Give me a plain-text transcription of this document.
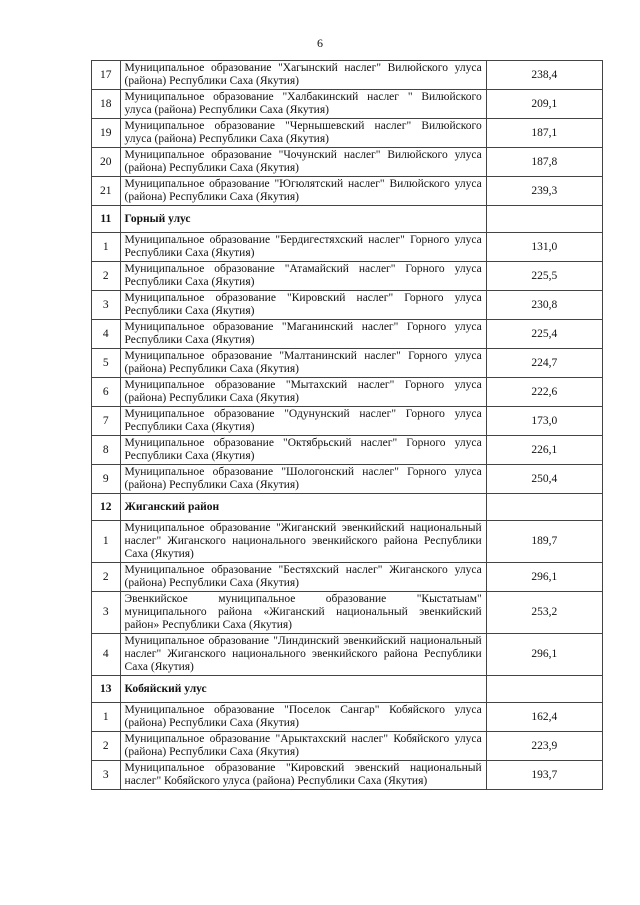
6
17	Муниципальное образование "Хагынский наслег" Вилюйского улуса (района) Республики Саха (Якутия)	238,4
18	Муниципальное образование "Халбакинский наслег " Вилюйского улуса (района) Республики Саха (Якутия)	209,1
19	Муниципальное образование "Чернышевский наслег" Вилюйского улуса (района) Республики Саха (Якутия)	187,1
20	Муниципальное образование "Чочунский наслег" Вилюйского улуса (района) Республики Саха (Якутия)	187,8
21	Муниципальное образование "Югюлятский наслег" Вилюйского улуса (района) Республики Саха (Якутия)	239,3
11	Горный улус	
1	Муниципальное образование "Бердигестяхский наслег" Горного улуса Республики Саха (Якутия)	131,0
2	Муниципальное образование "Атамайский наслег" Горного улуса Республики Саха (Якутия)	225,5
3	Муниципальное образование "Кировский наслег" Горного улуса Республики Саха (Якутия)	230,8
4	Муниципальное образование "Маганинский наслег" Горного улуса Республики Саха (Якутия)	225,4
5	Муниципальное образование "Малтанинский наслег" Горного улуса (района) Республики Саха (Якутия)	224,7
6	Муниципальное образование "Мытахский наслег" Горного улуса (района) Республики Саха (Якутия)	222,6
7	Муниципальное образование "Одунунский наслег" Горного улуса Республики Саха (Якутия)	173,0
8	Муниципальное образование "Октябрьский наслег" Горного улуса Республики Саха (Якутия)	226,1
9	Муниципальное образование "Шологонский наслег" Горного улуса (района) Республики Саха (Якутия)	250,4
12	Жиганский район	
1	Муниципальное образование "Жиганский эвенкийский национальный наслег" Жиганского национального эвенкийского района Республики Саха (Якутия)	189,7
2	Муниципальное образование "Бестяхский наслег" Жиганского улуса (района) Республики Саха (Якутия)	296,1
3	Эвенкийское муниципальное образование "Кыстатыам" муниципального района «Жиганский национальный эвенкийский район» Республики Саха (Якутия)	253,2
4	Муниципальное образование "Линдинский эвенкийский национальный наслег" Жиганского национального эвенкийского района Республики Саха (Якутия)	296,1
13	Кобяйский улус	
1	Муниципальное образование "Поселок Сангар" Кобяйского улуса (района) Республики Саха (Якутия)	162,4
2	Муниципальное образование "Арыктахский наслег" Кобяйского улуса (района) Республики Саха (Якутия)	223,9
3	Муниципальное образование "Кировский эвенский национальный наслег" Кобяйского улуса (района) Республики Саха (Якутия)	193,7
